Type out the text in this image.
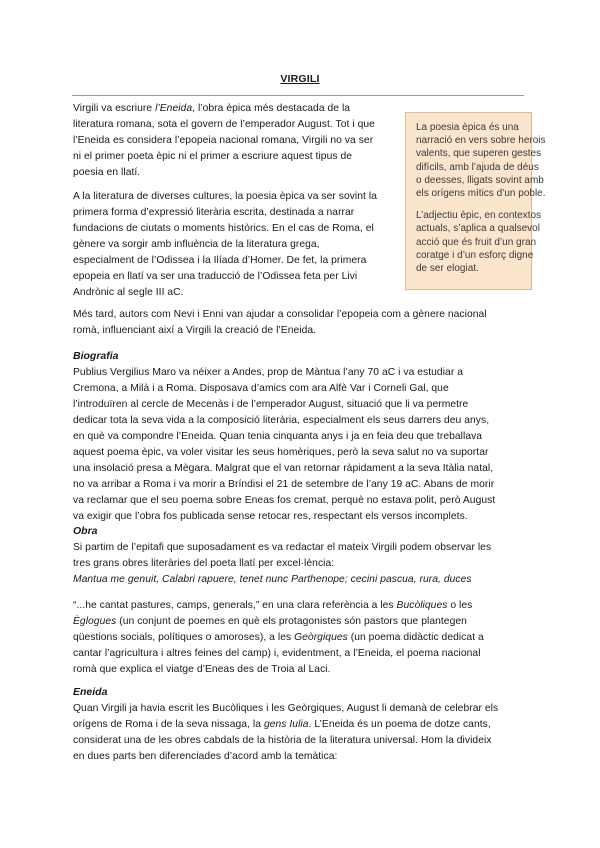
VIRGILI
Virgili va escriure l’Eneida, l’obra èpica més destacada de la
literatura romana, sota el govern de l’emperador August. Tot i que
l’Eneida es considera l’epopeia nacional romana, Virgili no va ser
ni el primer poeta èpic ni el primer a escriure aquest tipus de
poesia en llatí.
A la literatura de diverses cultures, la poesia èpica va ser sovint la
primera forma d’expressió literària escrita, destinada a narrar
fundacions de ciutats o moments històrics. En el cas de Roma, el
gènere va sorgir amb influència de la literatura grega,
especialment de l’Odissea i la Ilíada d’Homer. De fet, la primera
epopeia en llatí va ser una traducció de l’Odissea feta per Livi
Andrònic al segle III aC.
La poesia èpica és una
narració en vers sobre herois
valents, que superen gestes
difícils, amb l’ajuda de déus
o deesses, lligats sovint amb
els orígens mítics d’un poble.
L’adjectiu èpic, en contextos
actuals, s’aplica a qualsevol
acció que és fruit d’un gran
coratge i d’un esforç digne
de ser elogiat.
Més tard, autors com Nevi i Enni van ajudar a consolidar l’epopeia com a gènere nacional
romà, influenciant així a Virgili la creació de l’Eneida.
Biografia
Publius Vergilius Maro va néixer a Andes, prop de Màntua l’any 70 aC i va estudiar a
Cremona, a Milà i a Roma. Disposava d’amics com ara Alfè Var i Corneli Gal, que
l’introduïren al cercle de Mecenàs i de l’emperador August, situació que li va permetre
dedicar tota la seva vida a la composició literària, especialment els seus darrers deu anys,
en què va compondre l’Eneida. Quan tenia cinquanta anys i ja en feia deu que treballava
aquest poema èpic, va voler visitar les seus homèriques, però la seva salut no va suportar
una insolació presa a Mègara. Malgrat que el van retornar ràpidament a la seva Itàlia natal,
no va arribar a Roma i va morir a Bríndisi el 21 de setembre de l’any 19 aC. Abans de morir
va reclamar que el seu poema sobre Eneas fos cremat, perquè no estava polit, però August
va exigir que l’obra fos publicada sense retocar res, respectant els versos incomplets.
Obra
Si partim de l’epitafi que suposadament es va redactar el mateix Virgili podem observar les
tres grans obres literàries del poeta llatí per excel·lència:
Mantua me genuit, Calabri rapuere, tenet nunc Parthenope; cecini pascua, rura, duces
“...he cantat pastures, camps, generals,” en una clara referència a les Bucòliques o les
Èglogues (un conjunt de poemes en què els protagonistes són pastors que plantegen
qüestions socials, polítiques o amoroses), a les Geòrgiques (un poema didàctic dedicat a
cantar l’agricultura i altres feines del camp) i, evidentment, a l’Eneida, el poema nacional
romà que explica el viatge d’Eneas des de Troia al Laci.
Eneida
Quan Virgili ja havia escrit les Bucòliques i les Geòrgiques, August li demanà de celebrar els
orígens de Roma i de la seva nissaga, la gens Iulia. L’Eneida és un poema de dotze cants,
considerat una de les obres cabdals de la història de la literatura universal. Hom la divideix
en dues parts ben diferenciades d’acord amb la temàtica:
